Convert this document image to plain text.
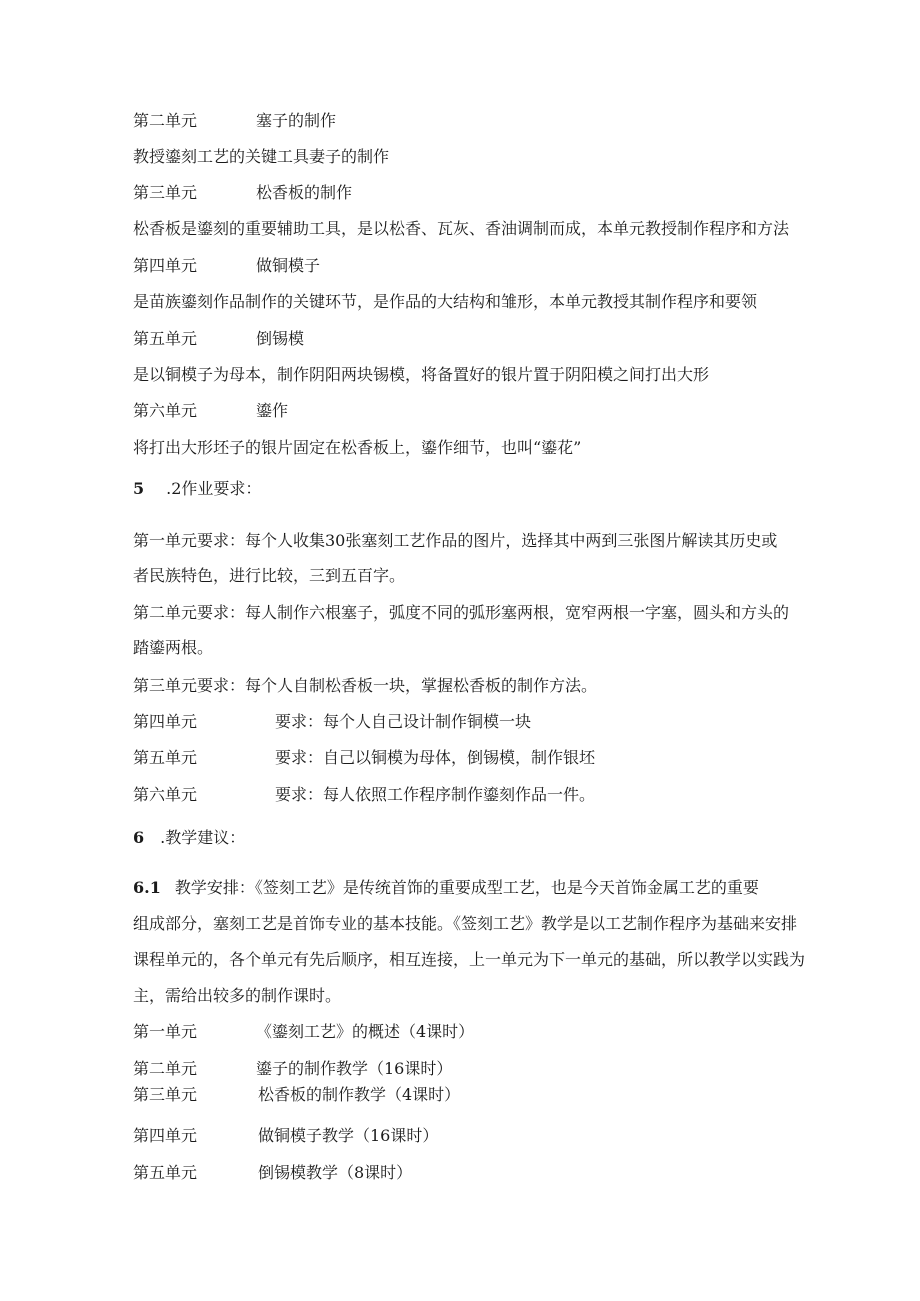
第二单元	塞子的制作
教授鎏刻工艺的关键工具妻子的制作
第三单元	松香板的制作
松香板是鎏刻的重要辅助工具，是以松香、瓦灰、香油调制而成，本单元教授制作程序和方法
第四单元	做铜模子
是苗族鎏刻作品制作的关键环节，是作品的大结构和雏形，本单元教授其制作程序和要领
第五单元	倒锡模
是以铜模子为母本，制作阴阳两块锡模，将备置好的银片置于阴阳模之间打出大形
第六单元	鎏作
将打出大形坯子的银片固定在松香板上，鎏作细节，也叫“鎏花”
5 .2作业要求：
第一单元要求：每个人收集30张塞刻工艺作品的图片，选择其中两到三张图片解读其历史或
者民族特色，进行比较，三到五百字。
第二单元要求：每人制作六根塞子，弧度不同的弧形塞两根，宽窄两根一字塞，圆头和方头的
踏鎏两根。
第三单元要求：每个人自制松香板一块，掌握松香板的制作方法。
第四单元	要求：每个人自己设计制作铜模一块
第五单元	要求：自己以铜模为母体，倒锡模，制作银坯
第六单元	要求：每人依照工作程序制作鎏刻作品一件。
6 .教学建议：
6.1 教学安排：《签刻工艺》是传统首饰的重要成型工艺，也是今天首饰金属工艺的重要
组成部分，塞刻工艺是首饰专业的基本技能。《签刻工艺》教学是以工艺制作程序为基础来安排
课程单元的，各个单元有先后顺序，相互连接，上一单元为下一单元的基础，所以教学以实践为
主，需给出较多的制作课时。
第一单元	《鎏刻工艺》的概述（4课时）
第二单元	鎏子的制作教学（16课时）
第三单元	松香板的制作教学（4课时）
第四单元	做铜模子教学（16课时）
第五单元	倒锡模教学（8课时）
